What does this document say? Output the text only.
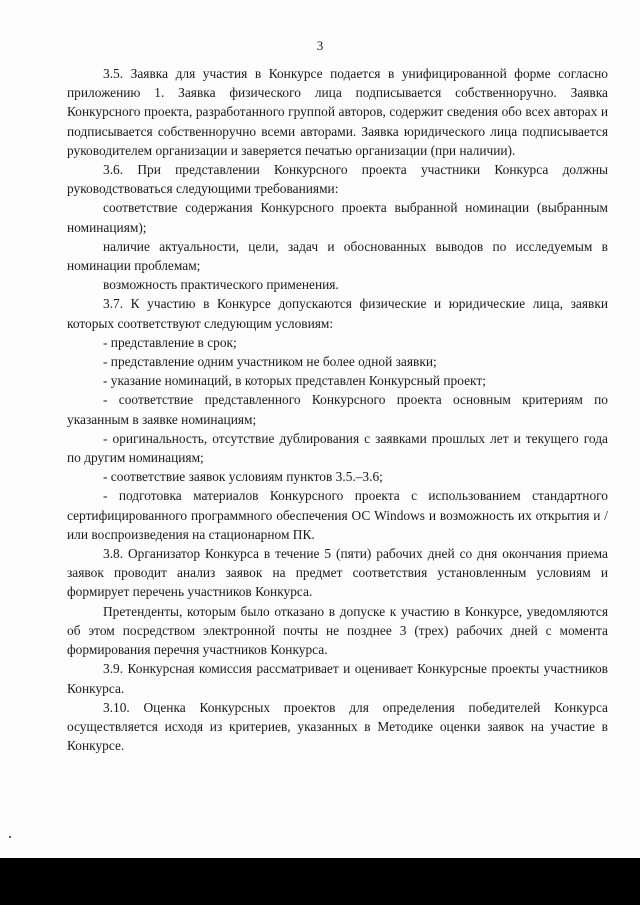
3

3.5. Заявка для участия в Конкурсе подается в унифицированной форме согласно приложению 1. Заявка физического лица подписывается собственноручно. Заявка Конкурсного проекта, разработанного группой авторов, содержит сведения обо всех авторах и подписывается собственноручно всеми авторами. Заявка юридического лица подписывается руководителем организации и заверяется печатью организации (при наличии).

3.6. При представлении Конкурсного проекта участники Конкурса должны руководствоваться следующими требованиями:

соответствие содержания Конкурсного проекта выбранной номинации (выбранным номинациям);

наличие актуальности, цели, задач и обоснованных выводов по исследуемым в номинации проблемам;

возможность практического применения.

3.7. К участию в Конкурсе допускаются физические и юридические лица, заявки которых соответствуют следующим условиям:

- представление в срок;

- представление одним участником не более одной заявки;

- указание номинаций, в которых представлен Конкурсный проект;

- соответствие представленного Конкурсного проекта основным критериям по указанным в заявке номинациям;

- оригинальность, отсутствие дублирования с заявками прошлых лет и текущего года по другим номинациям;

- соответствие заявок условиям пунктов 3.5.–3.6;

- подготовка материалов Конкурсного проекта с использованием стандартного сертифицированного программного обеспечения ОС Windows и возможность их открытия и /или воспроизведения на стационарном ПК.

3.8. Организатор Конкурса в течение 5 (пяти) рабочих дней со дня окончания приема заявок проводит анализ заявок на предмет соответствия установленным условиям и формирует перечень участников Конкурса.

Претенденты, которым было отказано в допуске к участию в Конкурсе, уведомляются об этом посредством электронной почты не позднее 3 (трех) рабочих дней с момента формирования перечня участников Конкурса.

3.9. Конкурсная комиссия рассматривает и оценивает Конкурсные проекты участников Конкурса.

3.10. Оценка Конкурсных проектов для определения победителей Конкурса осуществляется исходя из критериев, указанных в Методике оценки заявок на участие в Конкурсе.
